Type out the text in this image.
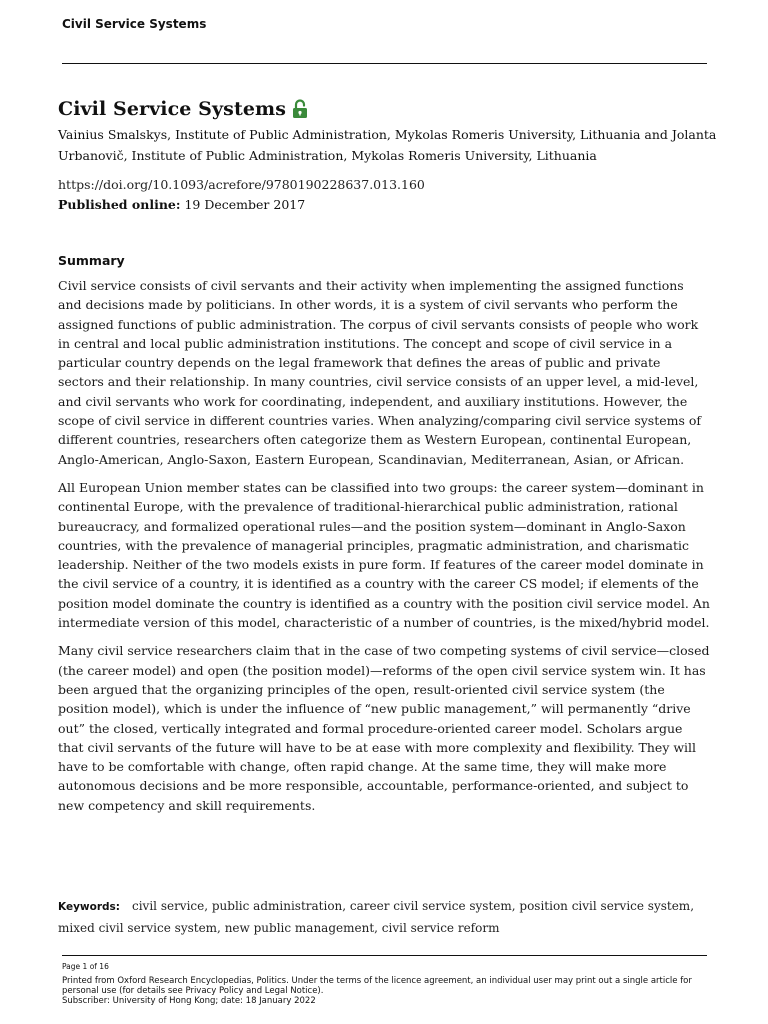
Civil Service Systems
Civil Service Systems
Vainius Smalskys, Institute of Public Administration, Mykolas Romeris University, Lithuania and Jolanta Urbanovič, Institute of Public Administration, Mykolas Romeris University, Lithuania
https://doi.org/10.1093/acrefore/9780190228637.013.160
Published online: 19 December 2017
Summary

Civil service consists of civil servants and their activity when implementing the assigned functions and decisions made by politicians. In other words, it is a system of civil servants who perform the assigned functions of public administration. The corpus of civil servants consists of people who work in central and local public administration institutions. The concept and scope of civil service in a particular country depends on the legal framework that defines the areas of public and private sectors and their relationship. In many countries, civil service consists of an upper level, a mid-level, and civil servants who work for coordinating, independent, and auxiliary institutions. However, the scope of civil service in different countries varies. When analyzing/comparing civil service systems of different countries, researchers often categorize them as Western European, continental European, Anglo-American, Anglo-Saxon, Eastern European, Scandinavian, Mediterranean, Asian, or African.

All European Union member states can be classified into two groups: the career system—dominant in continental Europe, with the prevalence of traditional-hierarchical public administration, rational bureaucracy, and formalized operational rules—and the position system—dominant in Anglo-Saxon countries, with the prevalence of managerial principles, pragmatic administration, and charismatic leadership. Neither of the two models exists in pure form. If features of the career model dominate in the civil service of a country, it is identified as a country with the career CS model; if elements of the position model dominate the country is identified as a country with the position civil service model. An intermediate version of this model, characteristic of a number of countries, is the mixed/hybrid model.

Many civil service researchers claim that in the case of two competing systems of civil service—closed (the career model) and open (the position model)—reforms of the open civil service system win. It has been argued that the organizing principles of the open, result-oriented civil service system (the position model), which is under the influence of “new public management,” will permanently “drive out” the closed, vertically integrated and formal procedure-oriented career model. Scholars argue that civil servants of the future will have to be at ease with more complexity and flexibility. They will have to be comfortable with change, often rapid change. At the same time, they will make more autonomous decisions and be more responsible, accountable, performance-oriented, and subject to new competency and skill requirements.

Keywords: civil service, public administration, career civil service system, position civil service system, mixed civil service system, new public management, civil service reform
Page 1 of 16
Printed from Oxford Research Encyclopedias, Politics. Under the terms of the licence agreement, an individual user may print out a single article for personal use (for details see Privacy Policy and Legal Notice).
Subscriber: University of Hong Kong; date: 18 January 2022
